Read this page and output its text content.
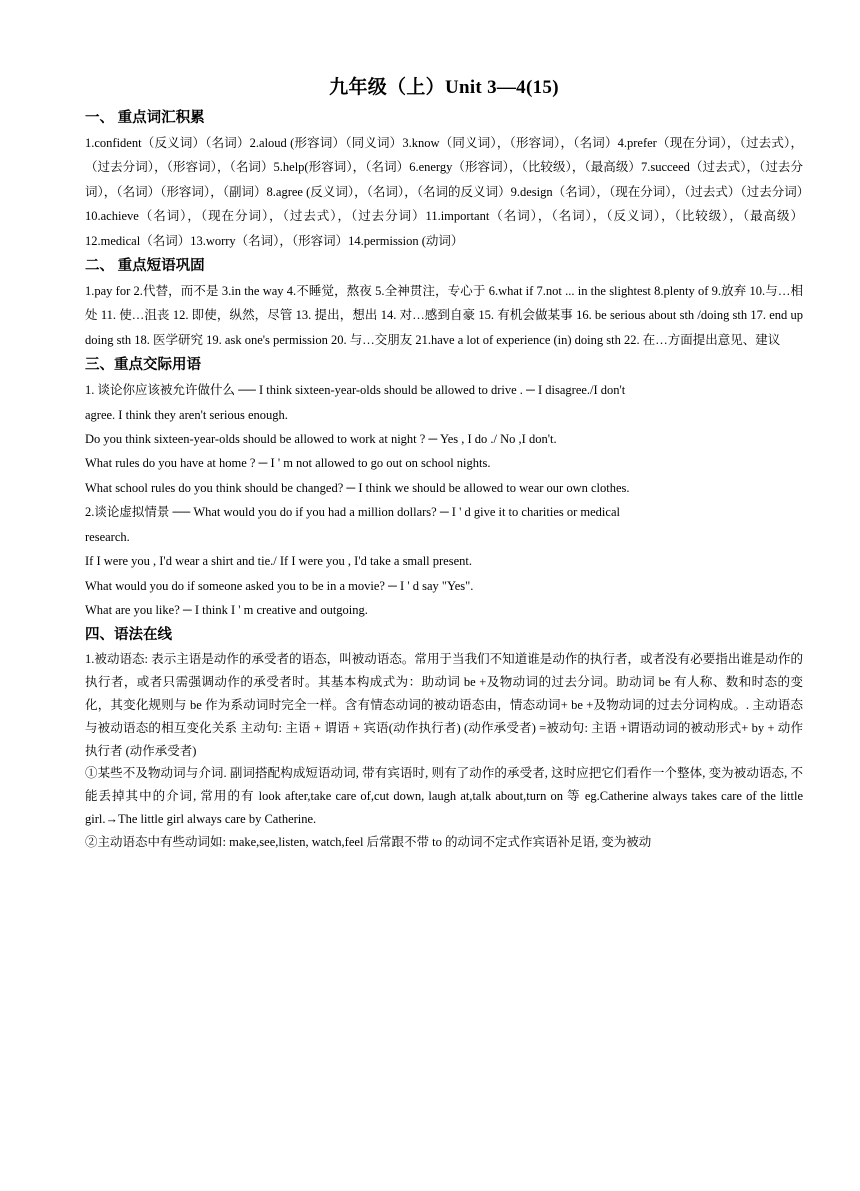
九年级（上）Unit 3—4(15)
一、 重点词汇积累

1.confident（反义词）（名词）2.aloud (形容词）（同义词）3.know（同义词），（形容词），（名词）4.prefer（现在分词），（过去式），（过去分词），（形容词），（名词）5.help(形容词），（名词）6.energy（形容词），（比较级），（最高级）7.succeed（过去式），（过去分词），（名词）（形容词），（副词）8.agree (反义词），（名词），（名词的反义词）9.design（名词），（现在分词），（过去式）（过去分词）10.achieve（名词），（现在分词），（过去式），（过去分词）11.important（名词），（名词），（反义词），（比较级），（最高级）12.medical（名词）13.worry（名词），（形容词）14.permission (动词）

二、 重点短语巩固

1.pay for 2.代替，而不是 3.in the way 4.不睡觉，熬夜 5.全神贯注，专心于 6.what if 7.not ... in the slightest 8.plenty of 9.放弃 10.与…相处 11. 使…沮丧 12. 即使，纵然，尽管 13. 提出，想出 14. 对…感到自豪 15. 有机会做某事 16. be serious about sth /doing sth 17. end up doing sth 18. 医学研究 19. ask one's permission 20. 与…交朋友 21.have a lot of experience (in) doing sth 22. 在…方面提出意见、建议

三、重点交际用语

1. 谈论你应该被允许做什么 ── I think sixteen-year-olds should be allowed to drive . ─ I disagree./I don't

agree. I think they aren't serious enough.

Do you think sixteen-year-olds should be allowed to work at night ? ─ Yes , I do ./ No ,I don't.

What rules do you have at home ? ─ I ' m not allowed to go out on school nights.

What school rules do you think should be changed? ─ I think we should be allowed to wear our own clothes.

2.谈论虚拟情景 ── What would you do if you had a million dollars? ─ I ' d give it to charities or medical

research.

If I were you , I'd wear a shirt and tie./ If I were you , I'd take a small present.

What would you do if someone asked you to be in a movie? ─ I ' d say "Yes".

What are you like? ─ I think I ' m creative and outgoing.

四、语法在线

1.被动语态: 表示主语是动作的承受者的语态，叫被动语态。常用于当我们不知道谁是动作的执行者，或者没有必要指出谁是动作的执行者，或者只需强调动作的承受者时。其基本构成式为：助动词 be +及物动词的过去分词。助动词 be 有人称、数和时态的变化，其变化规则与 be 作为系动词时完全一样。含有情态动词的被动语态由，情态动词+ be +及物动词的过去分词构成。. 主动语态与被动语态的相互变化关系 主动句: 主语 + 谓语 + 宾语(动作执行者) (动作承受者) =被动句: 主语 +谓语动词的被动形式+ by + 动作执行者 (动作承受者)

①某些不及物动词与介词. 副词搭配构成短语动词, 带有宾语时, 则有了动作的承受者, 这时应把它们看作一个整体, 变为被动语态, 不能丢掉其中的介词, 常用的有 look after,take care of,cut down, laugh at,talk about,turn on 等 eg.Catherine always takes care of the little girl.→The little girl always care by Catherine.

②主动语态中有些动词如: make,see,listen, watch,feel 后常跟不带 to 的动词不定式作宾语补足语, 变为被动
